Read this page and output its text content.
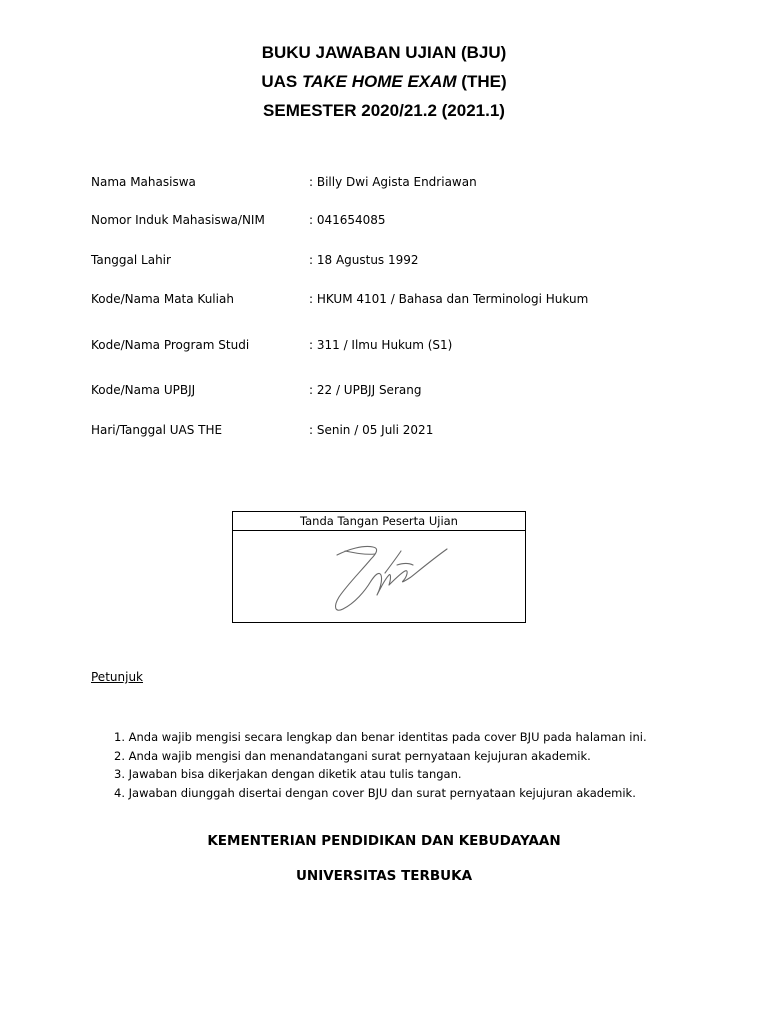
BUKU JAWABAN UJIAN (BJU)
UAS TAKE HOME EXAM (THE)
SEMESTER 2020/21.2 (2021.1)
Nama Mahasiswa	: Billy Dwi Agista Endriawan
Nomor Induk Mahasiswa/NIM	: 041654085
Tanggal Lahir	: 18 Agustus 1992
Kode/Nama Mata Kuliah	: HKUM 4101 / Bahasa dan Terminologi Hukum
Kode/Nama Program Studi	: 311 / Ilmu Hukum (S1)
Kode/Nama UPBJJ	: 22 / UPBJJ Serang
Hari/Tanggal UAS THE	: Senin / 05 Juli 2021
Tanda Tangan Peserta Ujian
Petunjuk
1. Anda wajib mengisi secara lengkap dan benar identitas pada cover BJU pada halaman ini.
2. Anda wajib mengisi dan menandatangani surat pernyataan kejujuran akademik.
3. Jawaban bisa dikerjakan dengan diketik atau tulis tangan.
4. Jawaban diunggah disertai dengan cover BJU dan surat pernyataan kejujuran akademik.
KEMENTERIAN PENDIDIKAN DAN KEBUDAYAAN
UNIVERSITAS TERBUKA
